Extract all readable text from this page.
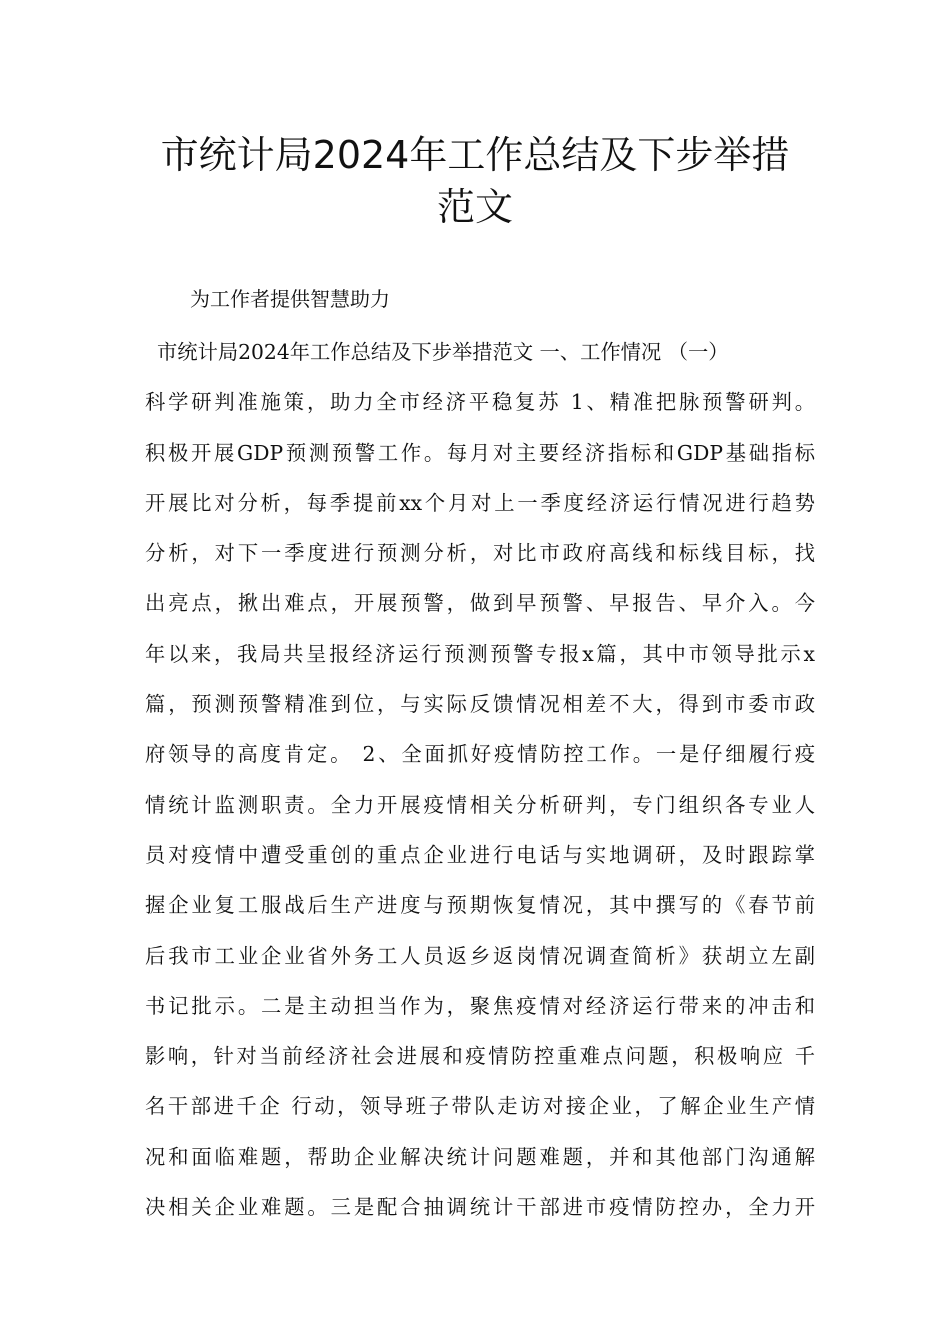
市统计局2024年工作总结及下步举措
范文
为工作者提供智慧助力
市统计局2024年工作总结及下步举措范文 一、工作情况 （一）
科学研判准施策，助力全市经济平稳复苏 1、精准把脉预警研判。
积极开展GDP预测预警工作。每月对主要经济指标和GDP基础指标
开展比对分析，每季提前xx个月对上一季度经济运行情况进行趋势
分析，对下一季度进行预测分析，对比市政府高线和标线目标，找
出亮点，揪出难点，开展预警，做到早预警、早报告、早介入。今
年以来，我局共呈报经济运行预测预警专报x篇，其中市领导批示x
篇，预测预警精准到位，与实际反馈情况相差不大，得到市委市政
府领导的高度肯定。 2、全面抓好疫情防控工作。一是仔细履行疫
情统计监测职责。全力开展疫情相关分析研判，专门组织各专业人
员对疫情中遭受重创的重点企业进行电话与实地调研，及时跟踪掌
握企业复工服战后生产进度与预期恢复情况，其中撰写的《春节前
后我市工业企业省外务工人员返乡返岗情况调查简析》获胡立左副
书记批示。二是主动担当作为，聚焦疫情对经济运行带来的冲击和
影响，针对当前经济社会进展和疫情防控重难点问题，积极响应 千
名干部进千企 行动，领导班子带队走访对接企业，了解企业生产情
况和面临难题，帮助企业解决统计问题难题，并和其他部门沟通解
决相关企业难题。三是配合抽调统计干部进市疫情防控办，全力开
